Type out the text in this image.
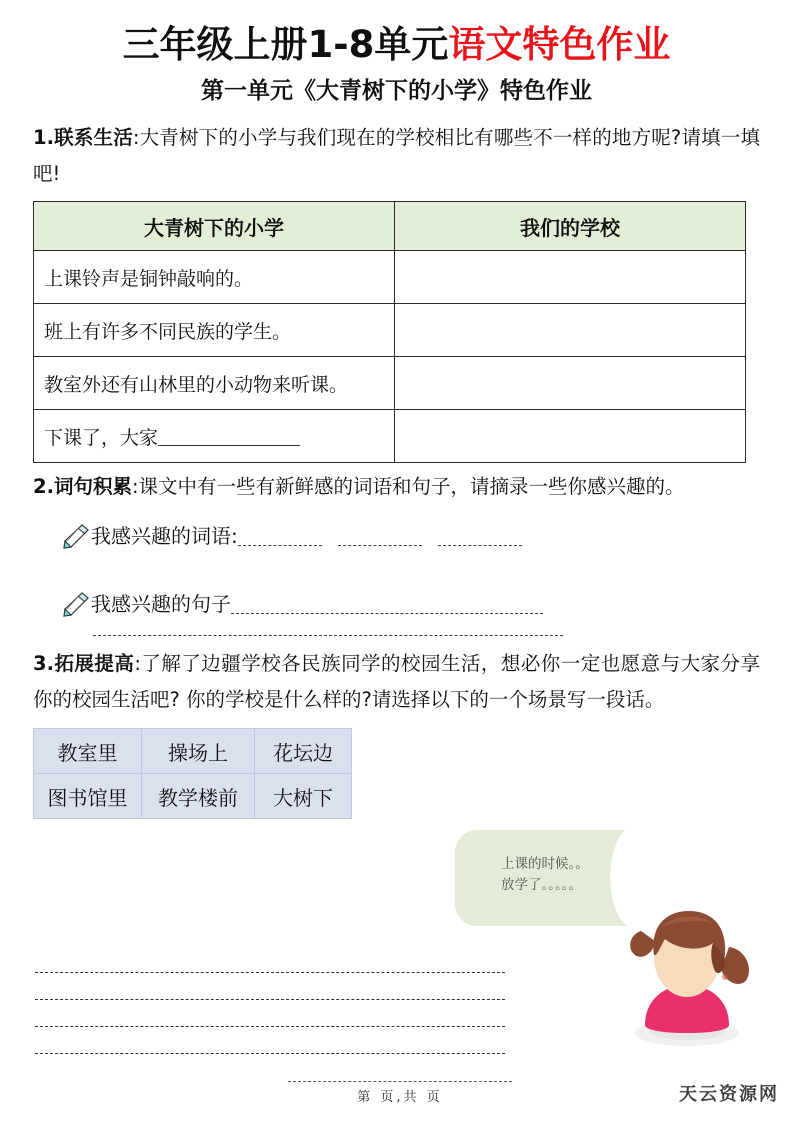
三年级上册1-8单元语文特色作业
第一单元《大青树下的小学》特色作业

1.联系生活:大青树下的小学与我们现在的学校相比有哪些不一样的地方呢?请填一填吧!

大青树下的小学	我们的学校
上课铃声是铜钟敲响的。	
班上有许多不同民族的学生。	
教室外还有山林里的小动物来听课。	
下课了，大家	

2.词句积累:课文中有一些有新鲜感的词语和句子，请摘录一些你感兴趣的。

我感兴趣的词语:
我感兴趣的句子

3.拓展提高:了解了边疆学校各民族同学的校园生活，想必你一定也愿意与大家分享你的校园生活吧? 你的学校是什么样的?请选择以下的一个场景写一段话。

教室里	操场上	花坛边
图书馆里	教学楼前	大树下
上课的时候。。
放学了。。。。。
第 页,共 页	天云资源网
